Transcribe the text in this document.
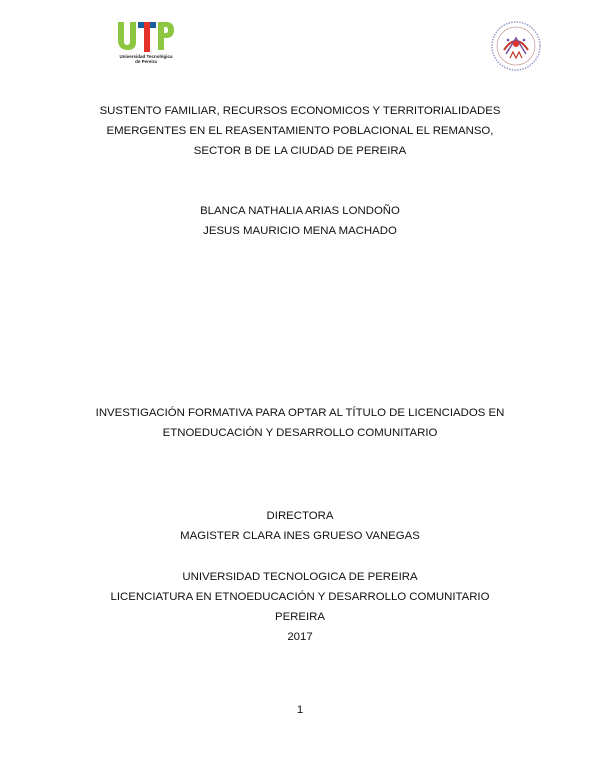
Universidad Tecnológica
de Pereira
SUSTENTO FAMILIAR, RECURSOS ECONOMICOS Y TERRITORIALIDADES
EMERGENTES EN EL REASENTAMIENTO POBLACIONAL EL REMANSO,
SECTOR B DE LA CIUDAD DE PEREIRA
BLANCA NATHALIA ARIAS LONDOÑO
JESUS MAURICIO MENA MACHADO
INVESTIGACIÓN FORMATIVA PARA OPTAR AL TÍTULO DE LICENCIADOS EN
ETNOEDUCACIÓN Y DESARROLLO COMUNITARIO
DIRECTORA
MAGISTER CLARA INES GRUESO VANEGAS
UNIVERSIDAD TECNOLOGICA DE PEREIRA
LICENCIATURA EN ETNOEDUCACIÓN Y DESARROLLO COMUNITARIO
PEREIRA
2017
1
